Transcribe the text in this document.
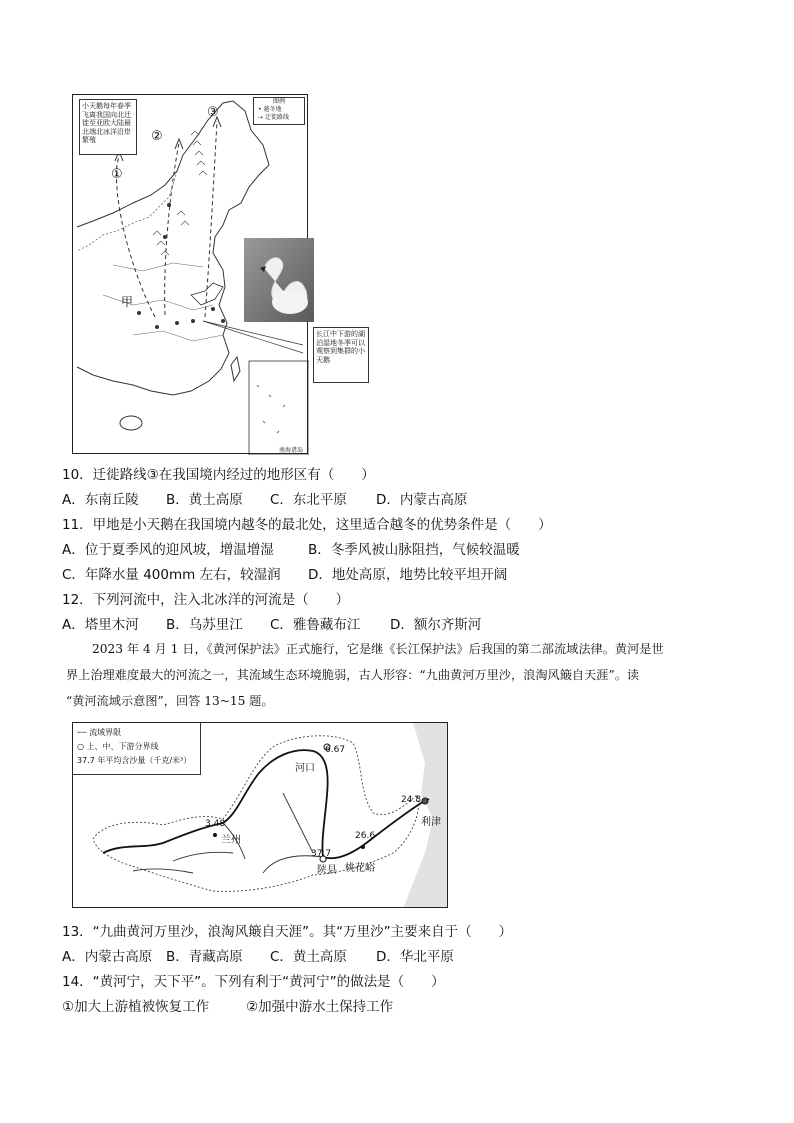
小天鹅每年春季飞离我国向北迁徙至亚欧大陆最北端北冰洋沿岸繁殖
图例
• 越冬地
⇢ 迁徙路线
①
②
③
甲
长江中下游的湖泊湿地冬季可以观察到集群的小天鹅
南海诸岛
10．迁徙路线③在我国境内经过的地形区有（　　）
A．东南丘陵 B．黄土高原 C．东北平原 D．内蒙古高原
11．甲地是小天鹅在我国境内越冬的最北处，这里适合越冬的优势条件是（　　）
A．位于夏季风的迎风坡，增温增湿	B．冬季风被山脉阻挡，气候较温暖
C．年降水量 400mm 左右，较湿润 D．地处高原，地势比较平坦开阔
12．下列河流中，注入北冰洋的河流是（　　）
A．塔里木河 B．乌苏里江 C．雅鲁藏布江 D．额尔齐斯河

2023 年 4 月 1 日，《黄河保护法》正式施行，它是继《长江保护法》后我国的第二部流域法律。黄河是世

界上治理难度最大的河流之一，其流域生态环境脆弱，古人形容：“九曲黄河万里沙，浪淘风簸自天涯”。读

“黄河流域示意图”，回答 13~15 题。

┄┄ 流域界限
○ 上、中、下游分界线
37.7 年平均含沙量（千克/米³）
河口
6.67
兰州
3.48
陕县
37.7
桃花峪
26.6
利津
24.8
13．“九曲黄河万里沙，浪淘风簸自天涯”。其“万里沙”主要来自于（　　）
A．内蒙古高原 B．青藏高原 C．黄土高原 D．华北平原
14．“黄河宁，天下平”。下列有利于“黄河宁”的做法是（　　）
①加大上游植被恢复工作	②加强中游水土保持工作
